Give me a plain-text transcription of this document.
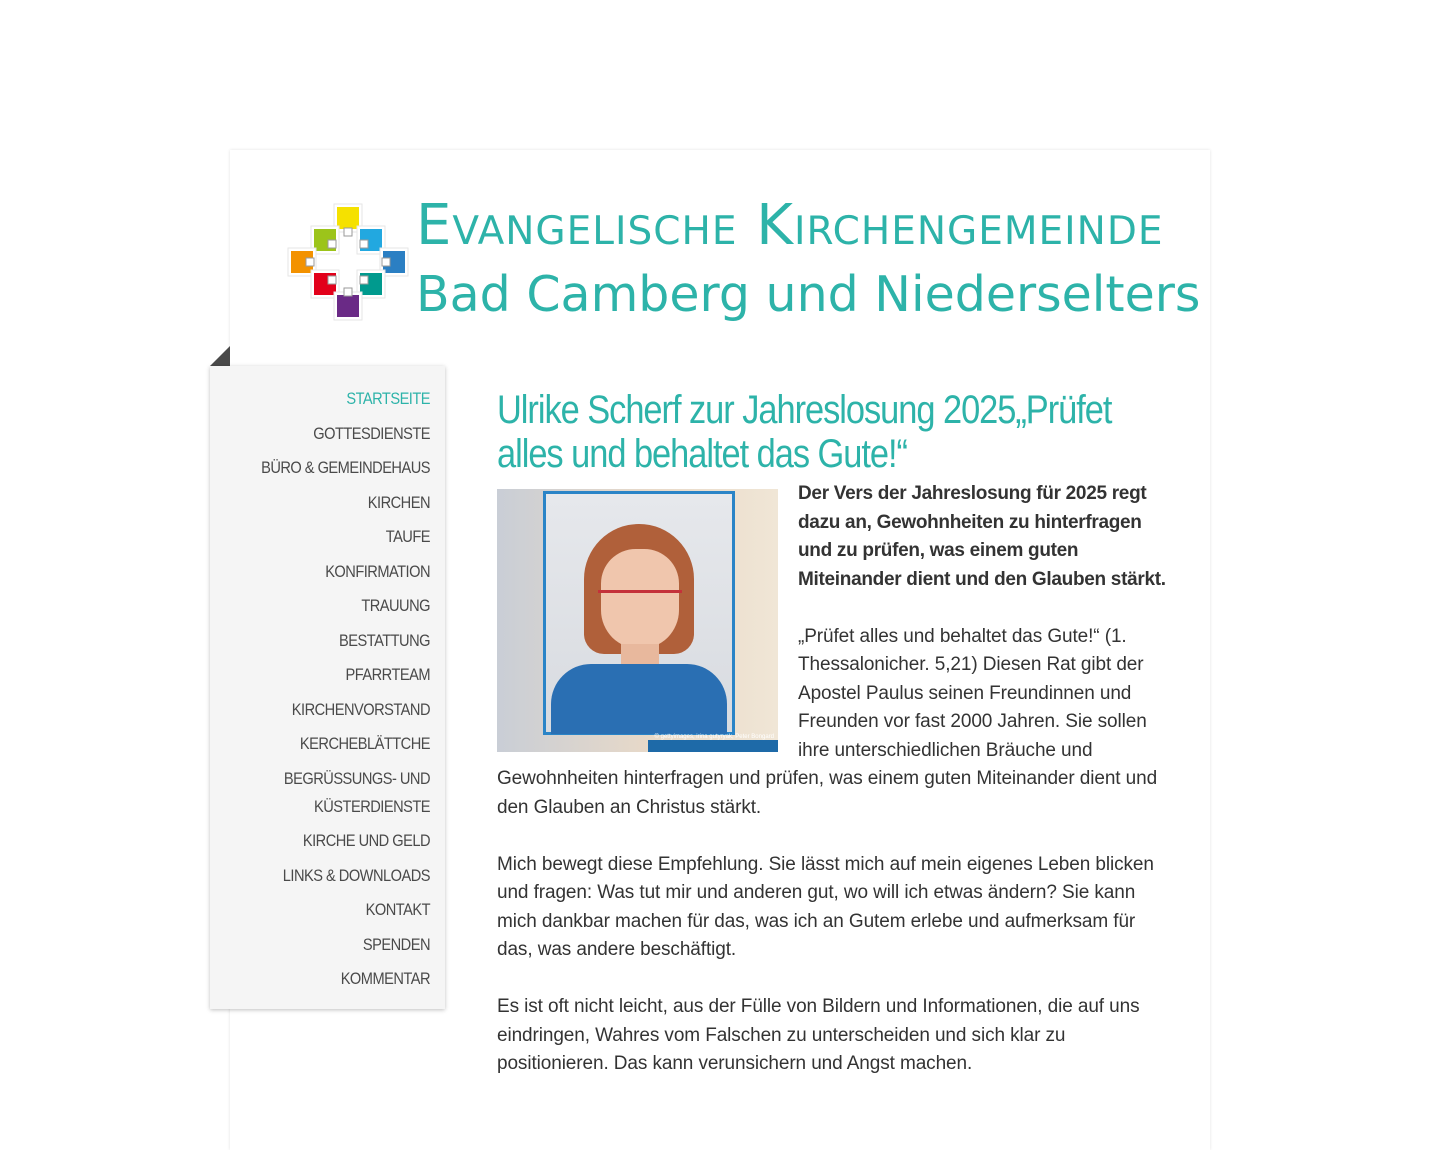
Evangelische Kirchengemeinde
Bad Camberg und Niederselters
STARTSEITE
GOTTESDIENSTE
BÜRO & GEMEINDEHAUS
KIRCHEN
TAUFE
KONFIRMATION
TRAUUNG
BESTATTUNG
PFARRTEAM
KIRCHENVORSTAND
KERCHEBLÄTTCHE
BEGRÜSSUNGS- UND KÜSTERDIENSTE
KIRCHE UND GELD
LINKS & DOWNLOADS
KONTAKT
SPENDEN
KOMMENTAR
Ulrike Scherf zur Jahreslosung 2025„Prüfet alles und behaltet das Gute!“
© gettyimages, irina gutyryak, Peter Bongard

Der Vers der Jahreslosung für 2025 regt dazu an, Gewohnheiten zu hinterfragen und zu prüfen, was einem guten Miteinander dient und den Glauben stärkt.

„Prüfet alles und behaltet das Gute!“ (1. Thessalonicher. 5,21) Diesen Rat gibt der Apostel Paulus seinen Freundinnen und Freunden vor fast 2000 Jahren. Sie sollen ihre unterschiedlichen Bräuche und Gewohnheiten hinterfragen und prüfen, was einem guten Miteinander dient und den Glauben an Christus stärkt.

Mich bewegt diese Empfehlung. Sie lässt mich auf mein eigenes Leben blicken und fragen: Was tut mir und anderen gut, wo will ich etwas ändern? Sie kann mich dankbar machen für das, was ich an Gutem erlebe und aufmerksam für das, was andere beschäftigt.

Es ist oft nicht leicht, aus der Fülle von Bildern und Informationen, die auf uns eindringen, Wahres vom Falschen zu unterscheiden und sich klar zu positionieren. Das kann verunsichern und Angst machen.
